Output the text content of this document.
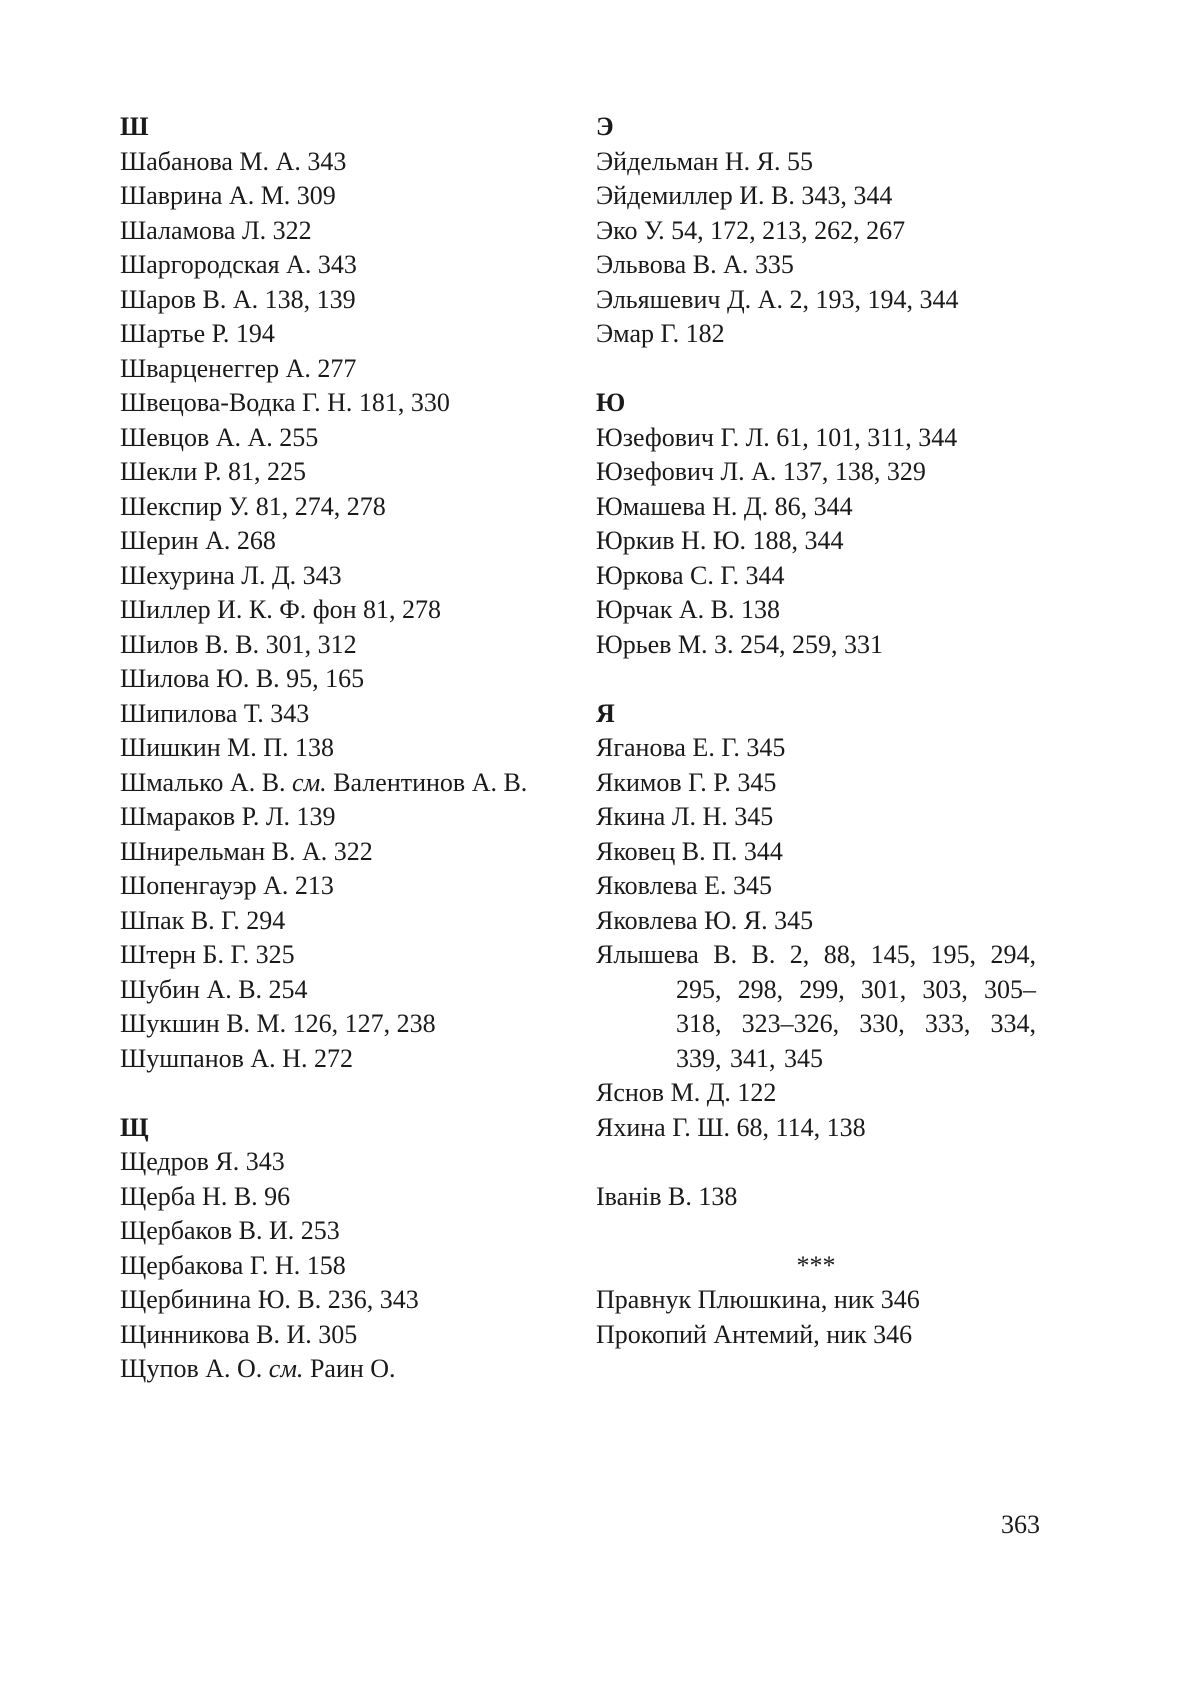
Ш
Шабанова М. А. 343
Шаврина А. М. 309
Шаламова Л. 322
Шаргородская А. 343
Шаров В. А. 138, 139
Шартье Р. 194
Шварценеггер А. 277
Швецова-Водка Г. Н. 181, 330
Шевцов А. А. 255
Шекли Р. 81, 225
Шекспир У. 81, 274, 278
Шерин А. 268
Шехурина Л. Д. 343
Шиллер И. К. Ф. фон 81, 278
Шилов В. В. 301, 312
Шилова Ю. В. 95, 165
Шипилова Т. 343
Шишкин М. П. 138
Шмалько А. В. см. Валентинов А. В.
Шмараков Р. Л. 139
Шнирельман В. А. 322
Шопенгауэр А. 213
Шпак В. Г. 294
Штерн Б. Г. 325
Шубин А. В. 254
Шукшин В. М. 126, 127, 238
Шушпанов А. Н. 272
Щ
Щедров Я. 343
Щерба Н. В. 96
Щербаков В. И. 253
Щербакова Г. Н. 158
Щербинина Ю. В. 236, 343
Щинникова В. И. 305
Щупов А. О. см. Раин О.
Э
Эйдельман Н. Я. 55
Эйдемиллер И. В. 343, 344
Эко У. 54, 172, 213, 262, 267
Эльвова В. А. 335
Эльяшевич Д. А. 2, 193, 194, 344
Эмар Г. 182
Ю
Юзефович Г. Л. 61, 101, 311, 344
Юзефович Л. А. 137, 138, 329
Юмашева Н. Д. 86, 344
Юркив Н. Ю. 188, 344
Юркова С. Г. 344
Юрчак А. В. 138
Юрьев М. З. 254, 259, 331
Я
Яганова Е. Г. 345
Якимов Г. Р. 345
Якина Л. Н. 345
Яковец В. П. 344
Яковлева Е. 345
Яковлева Ю. Я. 345
Ялышева В. В. 2, 88, 145, 195, 294, 295, 298, 299, 301, 303, 305–318, 323–326, 330, 333, 334, 339, 341, 345
Яснов М. Д. 122
Яхина Г. Ш. 68, 114, 138
Іванів В. 138
***
Правнук Плюшкина, ник 346
Прокопий Антемий, ник 346
363
